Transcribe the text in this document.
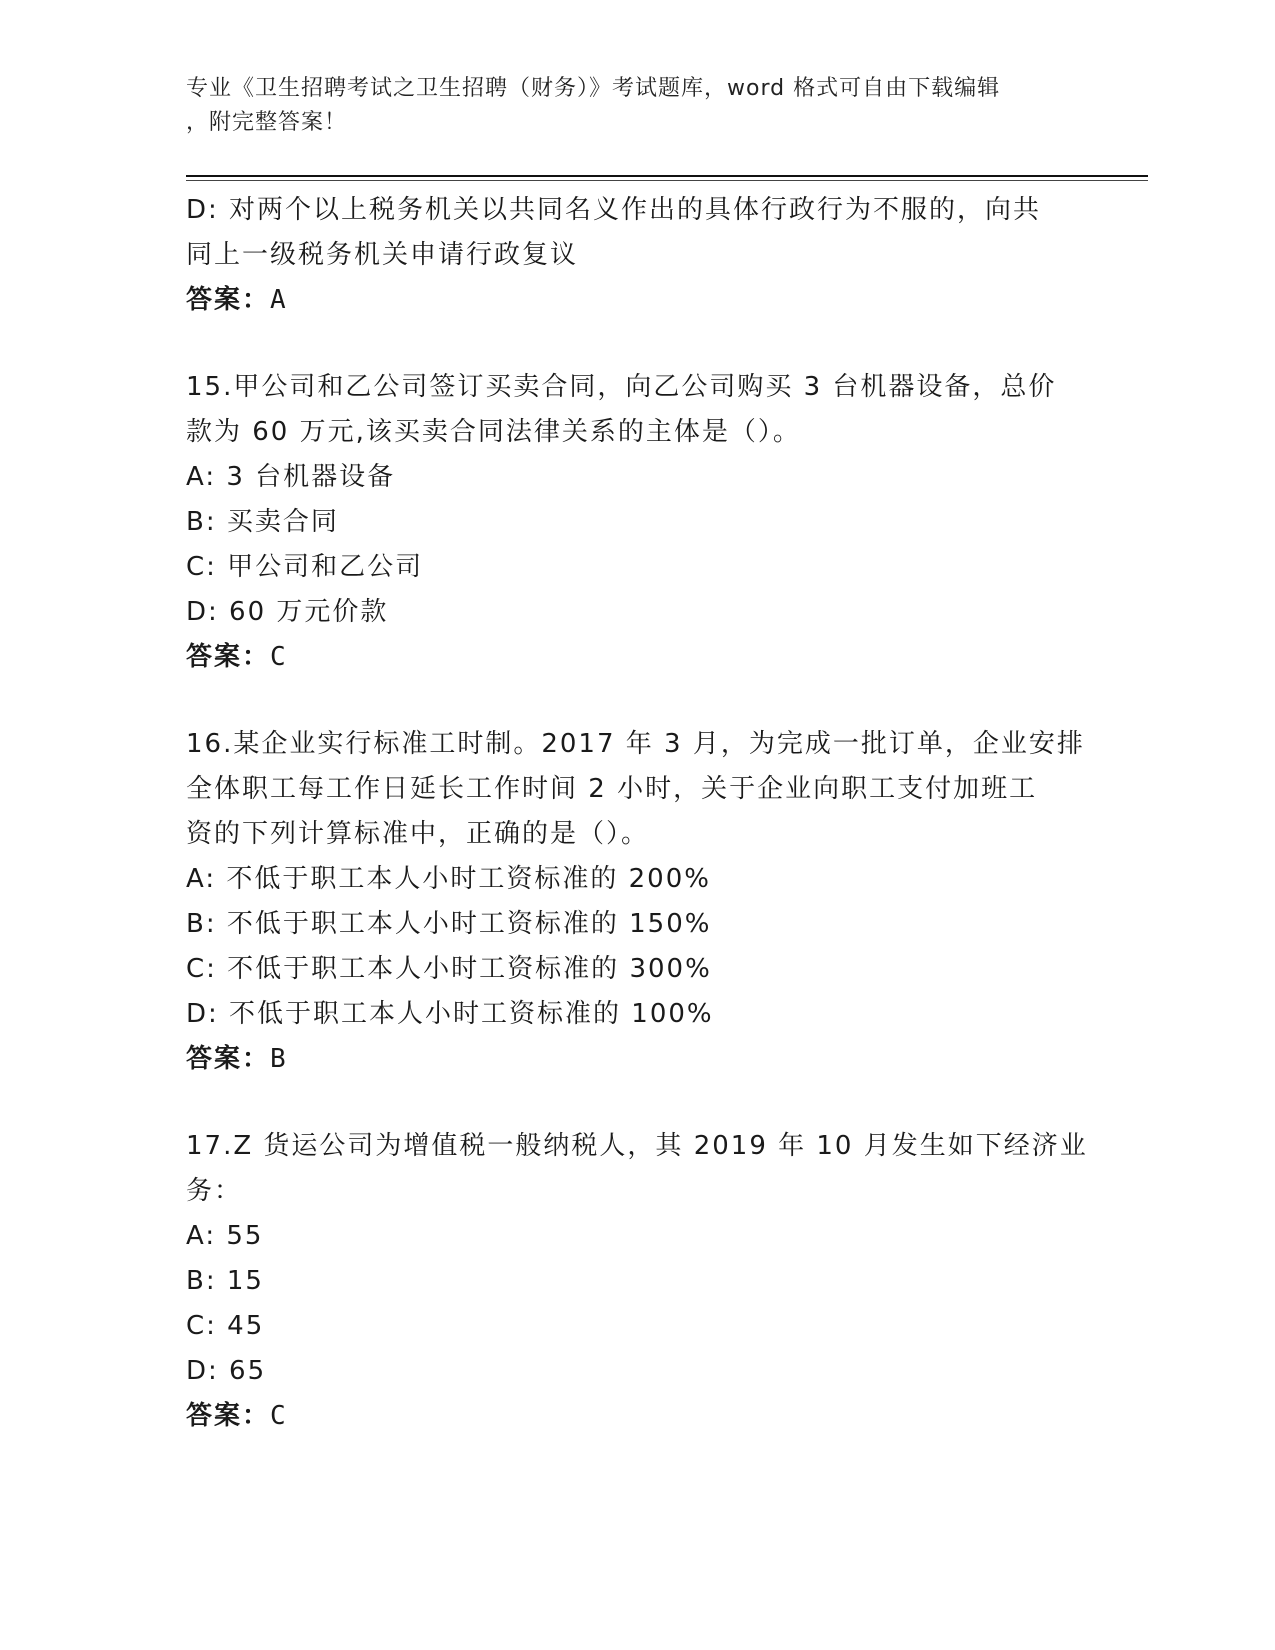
专业《卫生招聘考试之卫生招聘（财务）》考试题库，word 格式可自由下载编辑
，附完整答案！
D: 对两个以上税务机关以共同名义作出的具体行政行为不服的，向共
同上一级税务机关申请行政复议
答案：A
15.甲公司和乙公司签订买卖合同，向乙公司购买 3 台机器设备，总价
款为 60 万元,该买卖合同法律关系的主体是（）。
A: 3 台机器设备
B: 买卖合同
C: 甲公司和乙公司
D: 60 万元价款
答案：C
16.某企业实行标准工时制。2017 年 3 月，为完成一批订单，企业安排
全体职工每工作日延长工作时间 2 小时，关于企业向职工支付加班工
资的下列计算标准中，正确的是（）。
A: 不低于职工本人小时工资标准的 200%
B: 不低于职工本人小时工资标准的 150%
C: 不低于职工本人小时工资标准的 300%
D: 不低于职工本人小时工资标准的 100%
答案：B
17.Z 货运公司为增值税一般纳税人，其 2019 年 10 月发生如下经济业
务：
A: 55
B: 15
C: 45
D: 65
答案：C
